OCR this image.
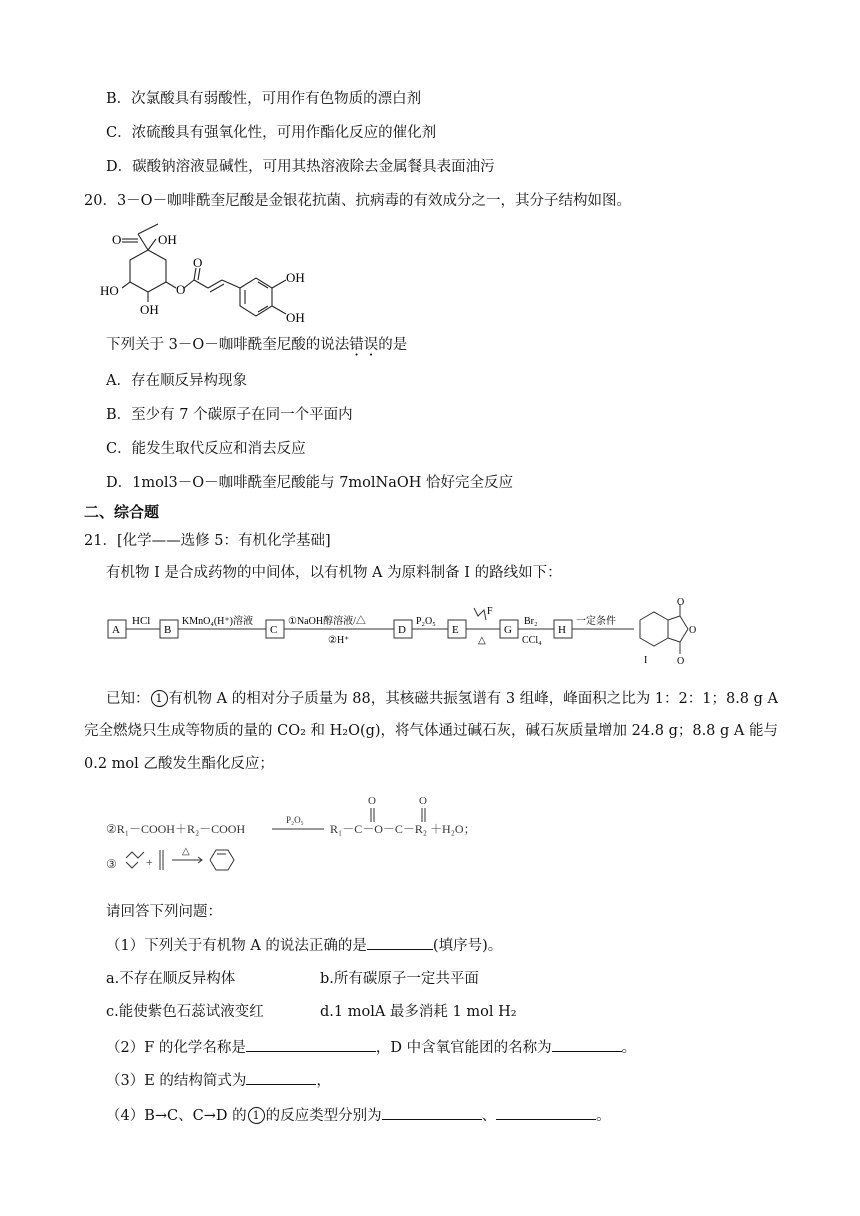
B．次氯酸具有弱酸性，可用作有色物质的漂白剂
C．浓硫酸具有强氧化性，可用作酯化反应的催化剂
D．碳酸钠溶液显碱性，可用其热溶液除去金属餐具表面油污
20．3－O－咖啡酰奎尼酸是金银花抗菌、抗病毒的有效成分之一，其分子结构如图。
O	OH
HO
OH
O
O
OH
OH
下列关于 3－O－咖啡酰奎尼酸的说法错误的是
A．存在顺反异构现象
B．至少有 7 个碳原子在同一个平面内
C．能发生取代反应和消去反应
D．1mol3－O－咖啡酰奎尼酸能与 7molNaOH 恰好完全反应
二、综合题
21．[化学——选修 5：有机化学基础]
有机物 I 是合成药物的中间体，以有机物 A 为原料制备 I 的路线如下：
A
HCl
B
KMnO₄(H⁺)溶液
C
①NaOH醇溶液/△
②H⁺
D
P₂O₅
E
F
△
G
Br₂
CCl₄
H
一定条件
O
O
O
I
已知： 1 有机物 A 的相对分子质量为 88，其核磁共振氢谱有 3 组峰，峰面积之比为 1：2：1；8.8 g A
完全燃烧只生成等物质的量的 CO₂ 和 H₂O(g)，将气体通过碱石灰，碱石灰质量增加 24.8 g；8.8 g A 能与
0.2 mol 乙酸发生酯化反应；
②R₁－COOH＋R₂－COOH
P₂O₅
R₁－C－O－C－R₂ ＋H₂O；
O	O
③ +
△
请回答下列问题：
（1）下列关于有机物 A 的说法正确的是	(填序号)。
a.不存在顺反异构体	b.所有碳原子一定共平面
c.能使紫色石蕊试液变红	d.1 molA 最多消耗 1 mol H₂
（2）F 的化学名称是	，D 中含氧官能团的名称为	。
（3）E 的结构简式为	，
（4）B→C、C→D 的 1 的反应类型分别为	、	。
